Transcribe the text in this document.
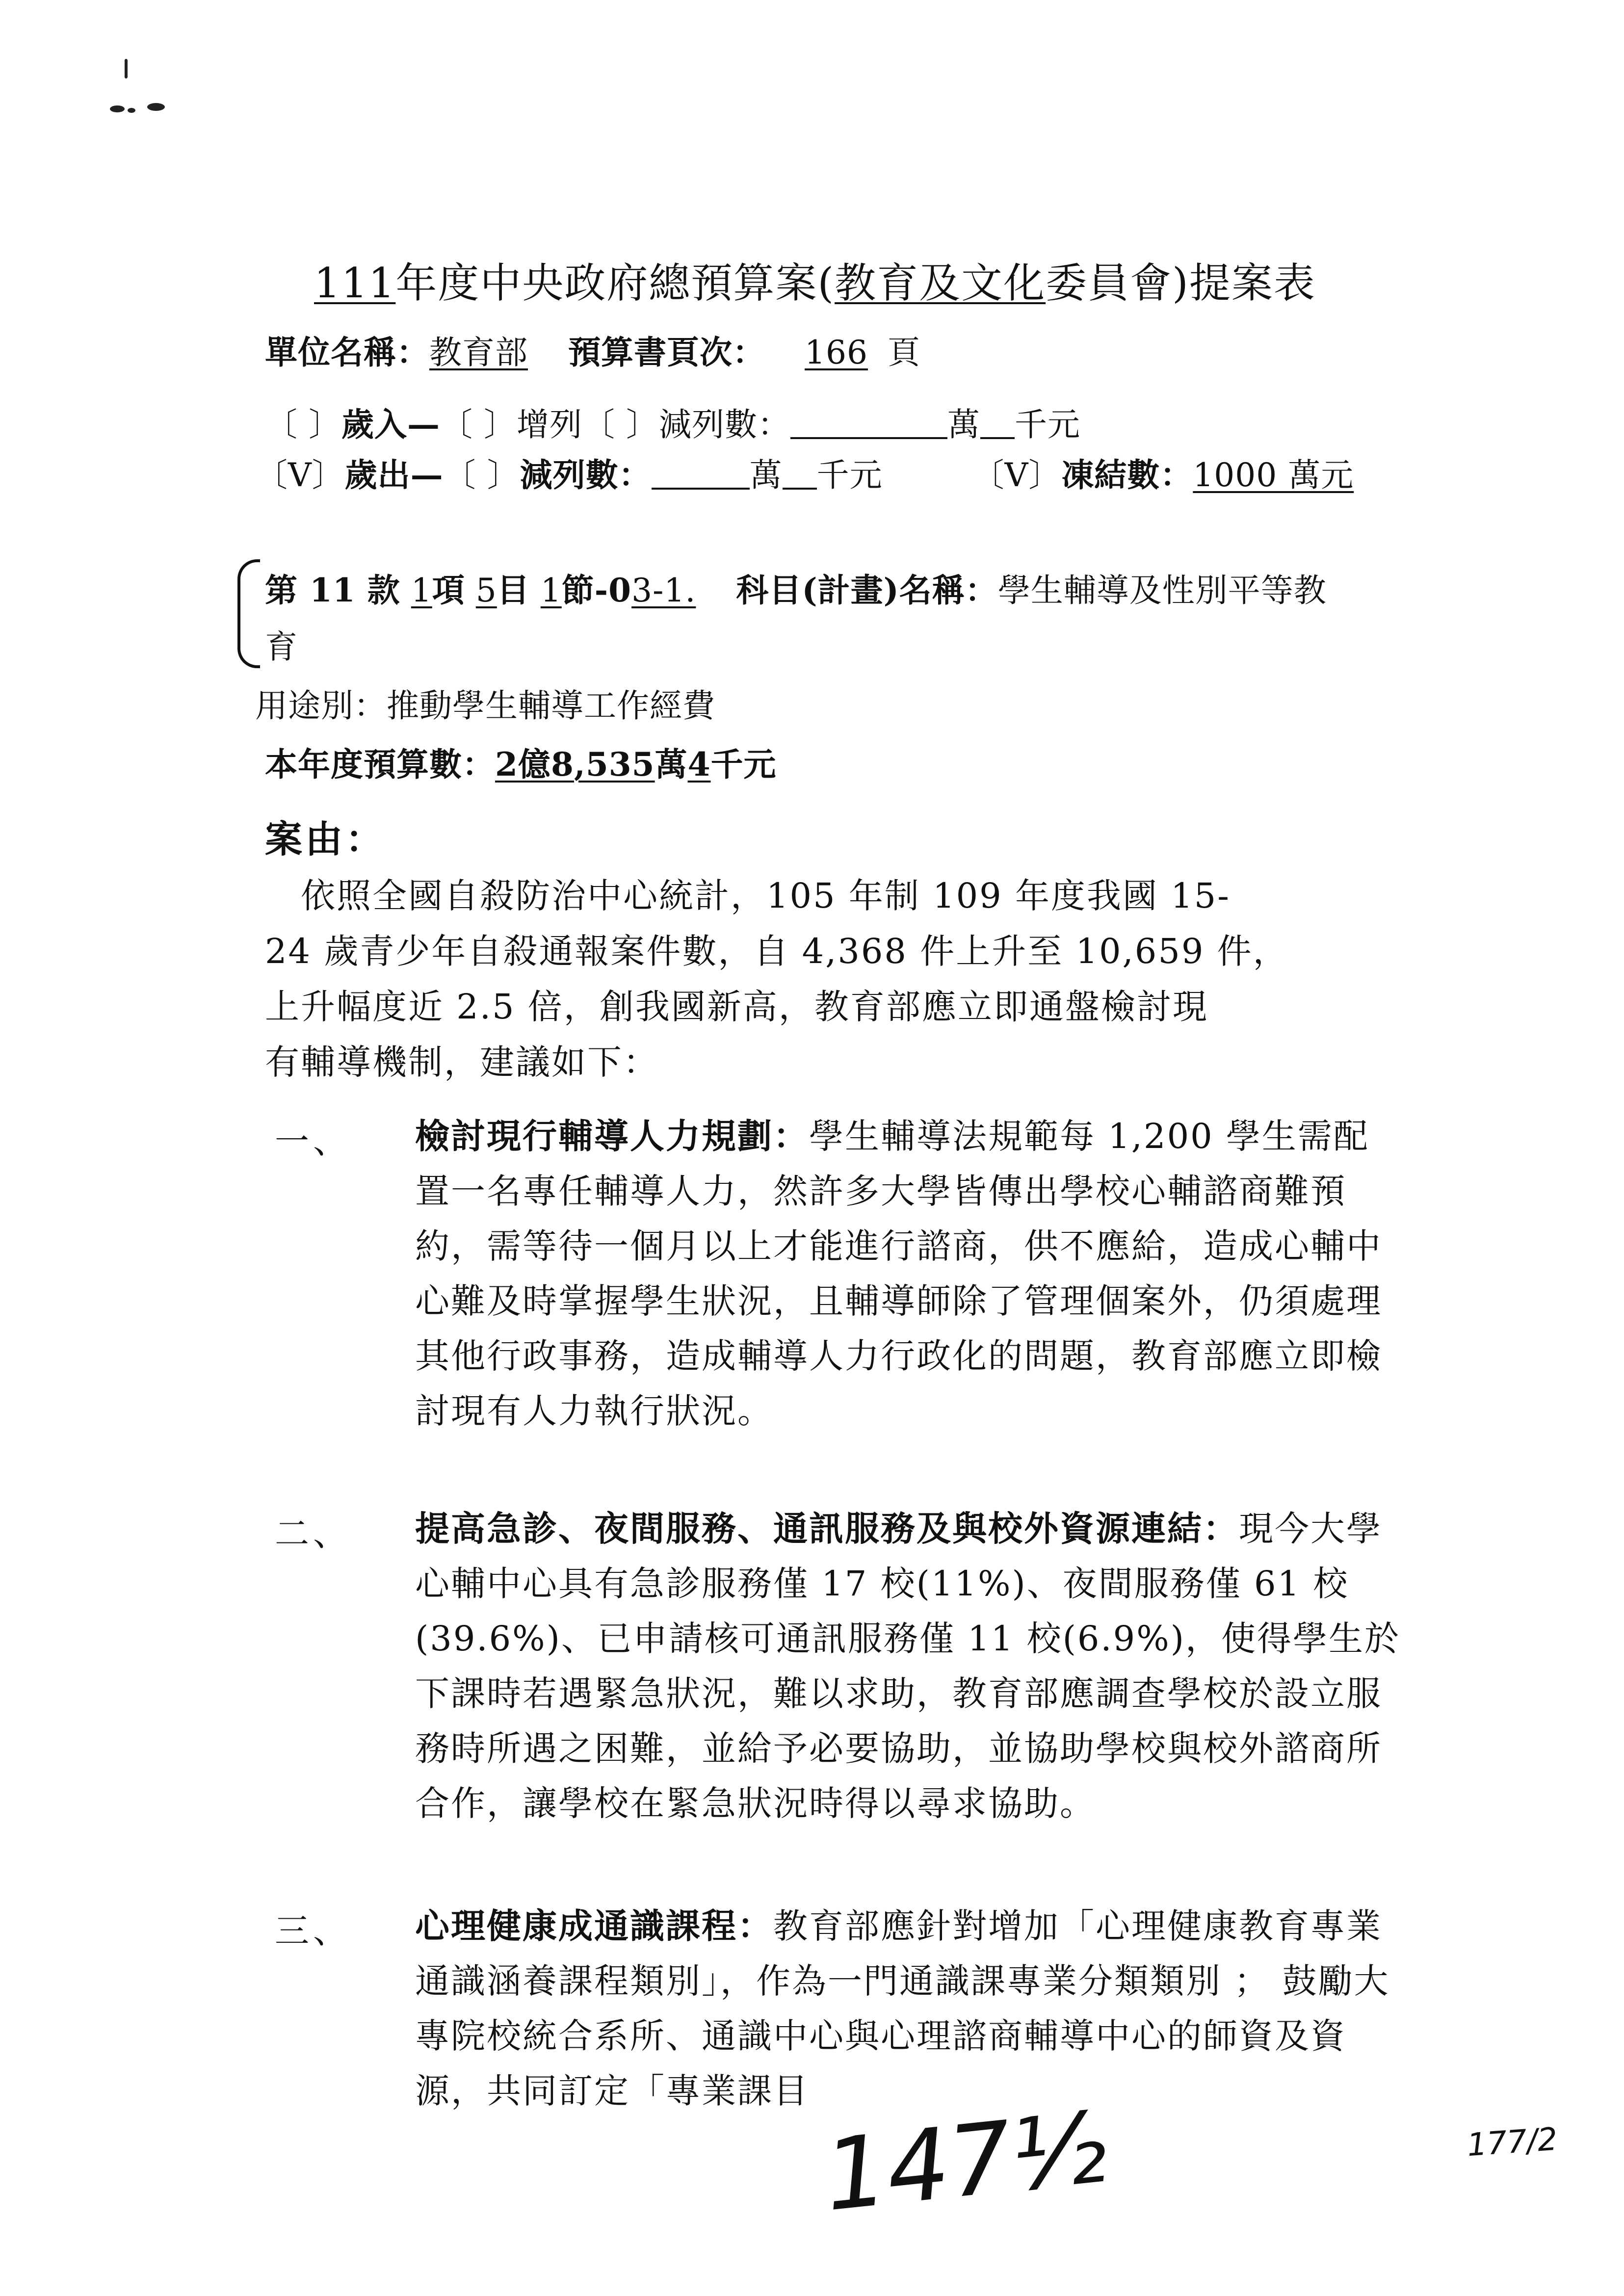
111年度中央政府總預算案(教育及文化委員會)提案表
單位名稱：教育部 預算書頁次： 166 頁
〔 〕歲入—〔 〕增列〔 〕減列數：	萬 千元
〔V〕歲出—〔 〕減列數：	萬 千元	〔V〕凍結數：1000 萬元
第 11 款 1項 5目 1節-03-1. 科目(計畫)名稱：學生輔導及性別平等教
育
用途別：推動學生輔導工作經費
本年度預算數：2億8,535萬4千元
案由：
　依照全國自殺防治中心統計，105 年制 109 年度我國 15-
24 歲青少年自殺通報案件數，自 4,368 件上升至 10,659 件，
上升幅度近 2.5 倍，創我國新高，教育部應立即通盤檢討現
有輔導機制，建議如下：
一、 檢討現行輔導人力規劃：學生輔導法規範每 1,200 學生需配置一名專任輔導人力，然許多大學皆傳出學校心輔諮商難預約，需等待一個月以上才能進行諮商，供不應給，造成心輔中心難及時掌握學生狀況，且輔導師除了管理個案外，仍須處理其他行政事務，造成輔導人力行政化的問題，教育部應立即檢討現有人力執行狀況。
二、 提高急診、夜間服務、通訊服務及與校外資源連結：現今大學心輔中心具有急診服務僅 17 校(11%)、夜間服務僅 61 校(39.6%)、已申請核可通訊服務僅 11 校(6.9%)，使得學生於下課時若遇緊急狀況，難以求助，教育部應調查學校於設立服務時所遇之困難，並給予必要協助，並協助學校與校外諮商所合作，讓學校在緊急狀況時得以尋求協助。
三、 心理健康成通識課程：教育部應針對增加「心理健康教育專業通識涵養課程類別」，作為一門通識課專業分類類別 ； 鼓勵大專院校統合系所、通識中心與心理諮商輔導中心的師資及資源，共同訂定「專業課目 147½	177/2
